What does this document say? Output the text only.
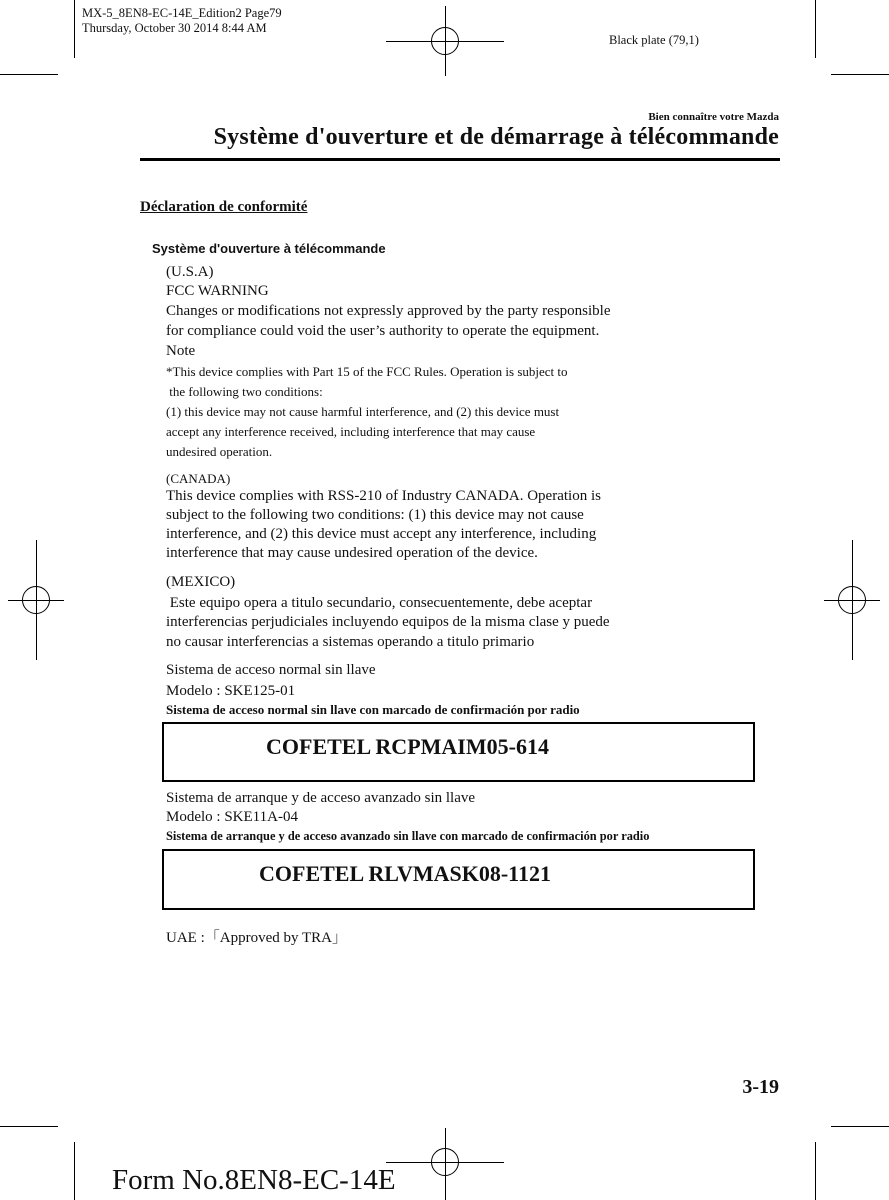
MX-5_8EN8-EC-14E_Edition2 Page79
Thursday, October 30 2014 8:44 AM
Black plate (79,1)
Bien connaître votre Mazda
Système d'ouverture et de démarrage à télécommande
Déclaration de conformité
Système d'ouverture à télécommande
(U.S.A)
FCC WARNING
Changes or modifications not expressly approved by the party responsible
for compliance could void the user’s authority to operate the equipment.
Note
*This device complies with Part 15 of the FCC Rules. Operation is subject to
the following two conditions:
(1) this device may not cause harmful interference, and (2) this device must
accept any interference received, including interference that may cause
undesired operation.
(CANADA)
This device complies with RSS-210 of Industry CANADA. Operation is
subject to the following two conditions: (1) this device may not cause
interference, and (2) this device must accept any interference, including
interference that may cause undesired operation of the device.
(MEXICO)
Este equipo opera a titulo secundario, consecuentemente, debe aceptar
interferencias perjudiciales incluyendo equipos de la misma clase y puede
no causar interferencias a sistemas operando a titulo primario
Sistema de acceso normal sin llave
Modelo : SKE125-01
Sistema de acceso normal sin llave con marcado de confirmación por radio
COFETEL RCPMAIM05-614
Sistema de arranque y de acceso avanzado sin llave
Modelo : SKE11A-04
Sistema de arranque y de acceso avanzado sin llave con marcado de confirmación por radio
COFETEL RLVMASK08-1121
UAE :「Approved by TRA」
3-19
Form No.8EN8-EC-14E
